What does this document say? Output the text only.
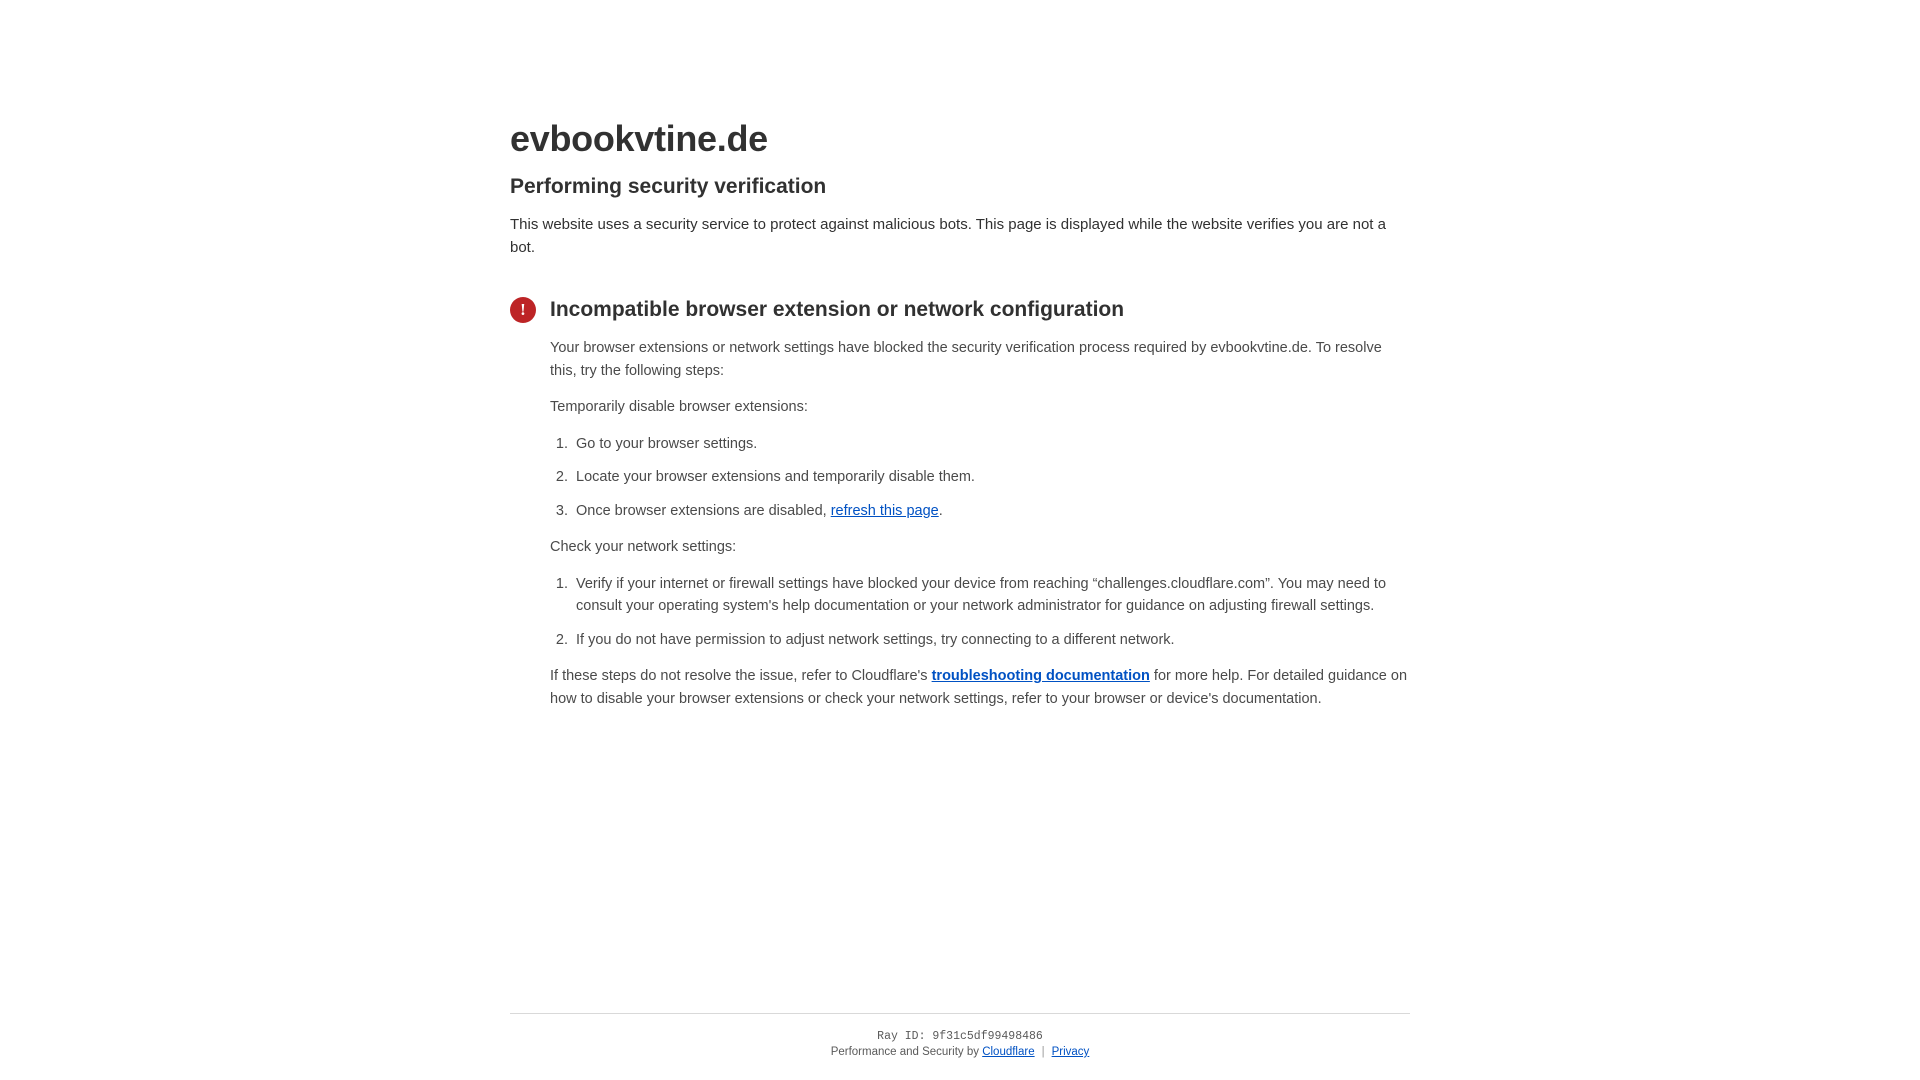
evbookvtine.de
Performing security verification

This website uses a security service to protect against malicious bots. This page is displayed while the website verifies you are not a bot.

!	Incompatible browser extension or network configuration

Your browser extensions or network settings have blocked the security verification process required by evbookvtine.de. To resolve this, try the following steps:

Temporarily disable browser extensions:

1. Go to your browser settings.
2. Locate your browser extensions and temporarily disable them.
3. Once browser extensions are disabled, refresh this page.

Check your network settings:

1. Verify if your internet or firewall settings have blocked your device from reaching “challenges.cloudflare.com”. You may need to consult your operating system's help documentation or your network administrator for guidance on adjusting firewall settings.
2. If you do not have permission to adjust network settings, try connecting to a different network.

If these steps do not resolve the issue, refer to Cloudflare's troubleshooting documentation for more help. For detailed guidance on how to disable your browser extensions or check your network settings, refer to your browser or device's documentation.

Ray ID: 9f31c5df99498486
Performance and Security by Cloudflare | Privacy
